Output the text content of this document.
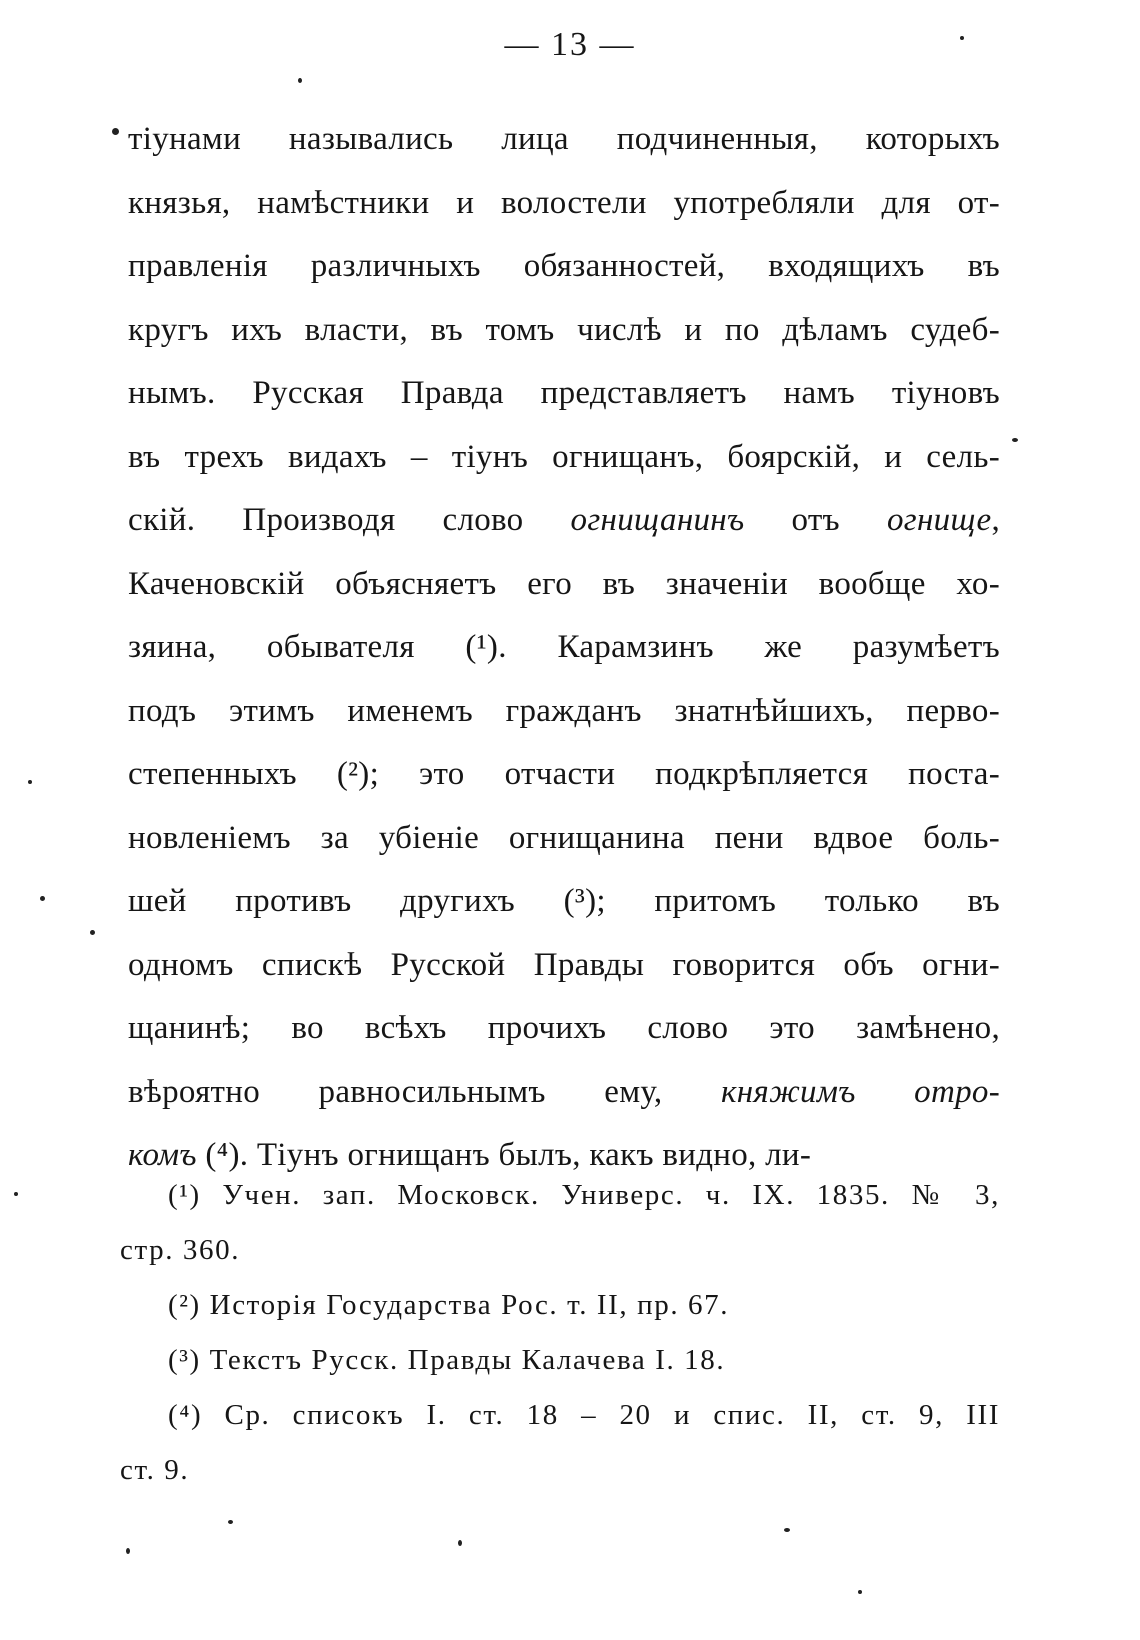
— 13 —
тіунами назывались лица подчиненныя, которыхъ
князья, намѣстники и волостели употребляли для от-
правленія различныхъ обязанностей, входящихъ въ
кругъ ихъ власти, въ томъ числѣ и по дѣламъ судеб-
нымъ. Русская Правда представляетъ намъ тіуновъ
въ трехъ видахъ – тіунъ огнищанъ, боярскій, и сель-
скій. Производя слово огнищанинъ отъ огнище,
Каченовскій объясняетъ его въ значеніи вообще хо-
зяина, обывателя (¹). Карамзинъ же разумѣетъ
подъ этимъ именемъ гражданъ знатнѣйшихъ, перво-
степенныхъ (²); это отчасти подкрѣпляется поста-
новленіемъ за убіеніе огнищанина пени вдвое боль-
шей противъ другихъ (³); притомъ только въ
одномъ спискѣ Русской Правды говорится объ огни-
щанинѣ; во всѣхъ прочихъ слово это замѣнено,
вѣроятно равносильнымъ ему, княжимъ отро-
комъ (⁴). Тіунъ огнищанъ былъ, какъ видно, ли-
(¹) Учен. зап. Московск. Универс. ч. IX. 1835. № 3,
стр. 360.
(²) Исторія Государства Рос. т. II, пр. 67.
(³) Текстъ Русск. Правды Калачева I. 18.
(⁴) Ср. списокъ I. ст. 18 – 20 и спис. II, ст. 9, III
ст. 9.
